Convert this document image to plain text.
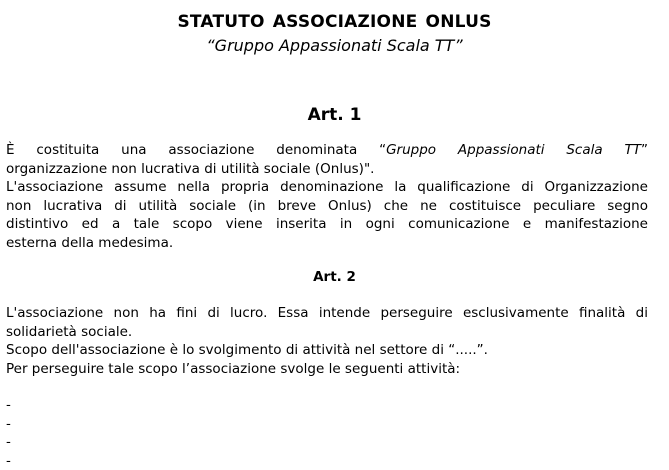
STATUTO ASSOCIAZIONE ONLUS
“Gruppo Appassionati Scala TT”
Art. 1
È costituita una associazione denominata “Gruppo Appassionati Scala TT”
organizzazione non lucrativa di utilità sociale (Onlus)".
L'associazione assume nella propria denominazione la qualificazione di Organizzazione
non lucrativa di utilità sociale (in breve Onlus) che ne costituisce peculiare segno
distintivo ed a tale scopo viene inserita in ogni comunicazione e manifestazione
esterna della medesima.
Art. 2
L'associazione non ha fini di lucro. Essa intende perseguire esclusivamente finalità di
solidarietà sociale.
Scopo dell'associazione è lo svolgimento di attività nel settore di “.....”.
Per perseguire tale scopo l’associazione svolge le seguenti attività:
-
-
-
-
